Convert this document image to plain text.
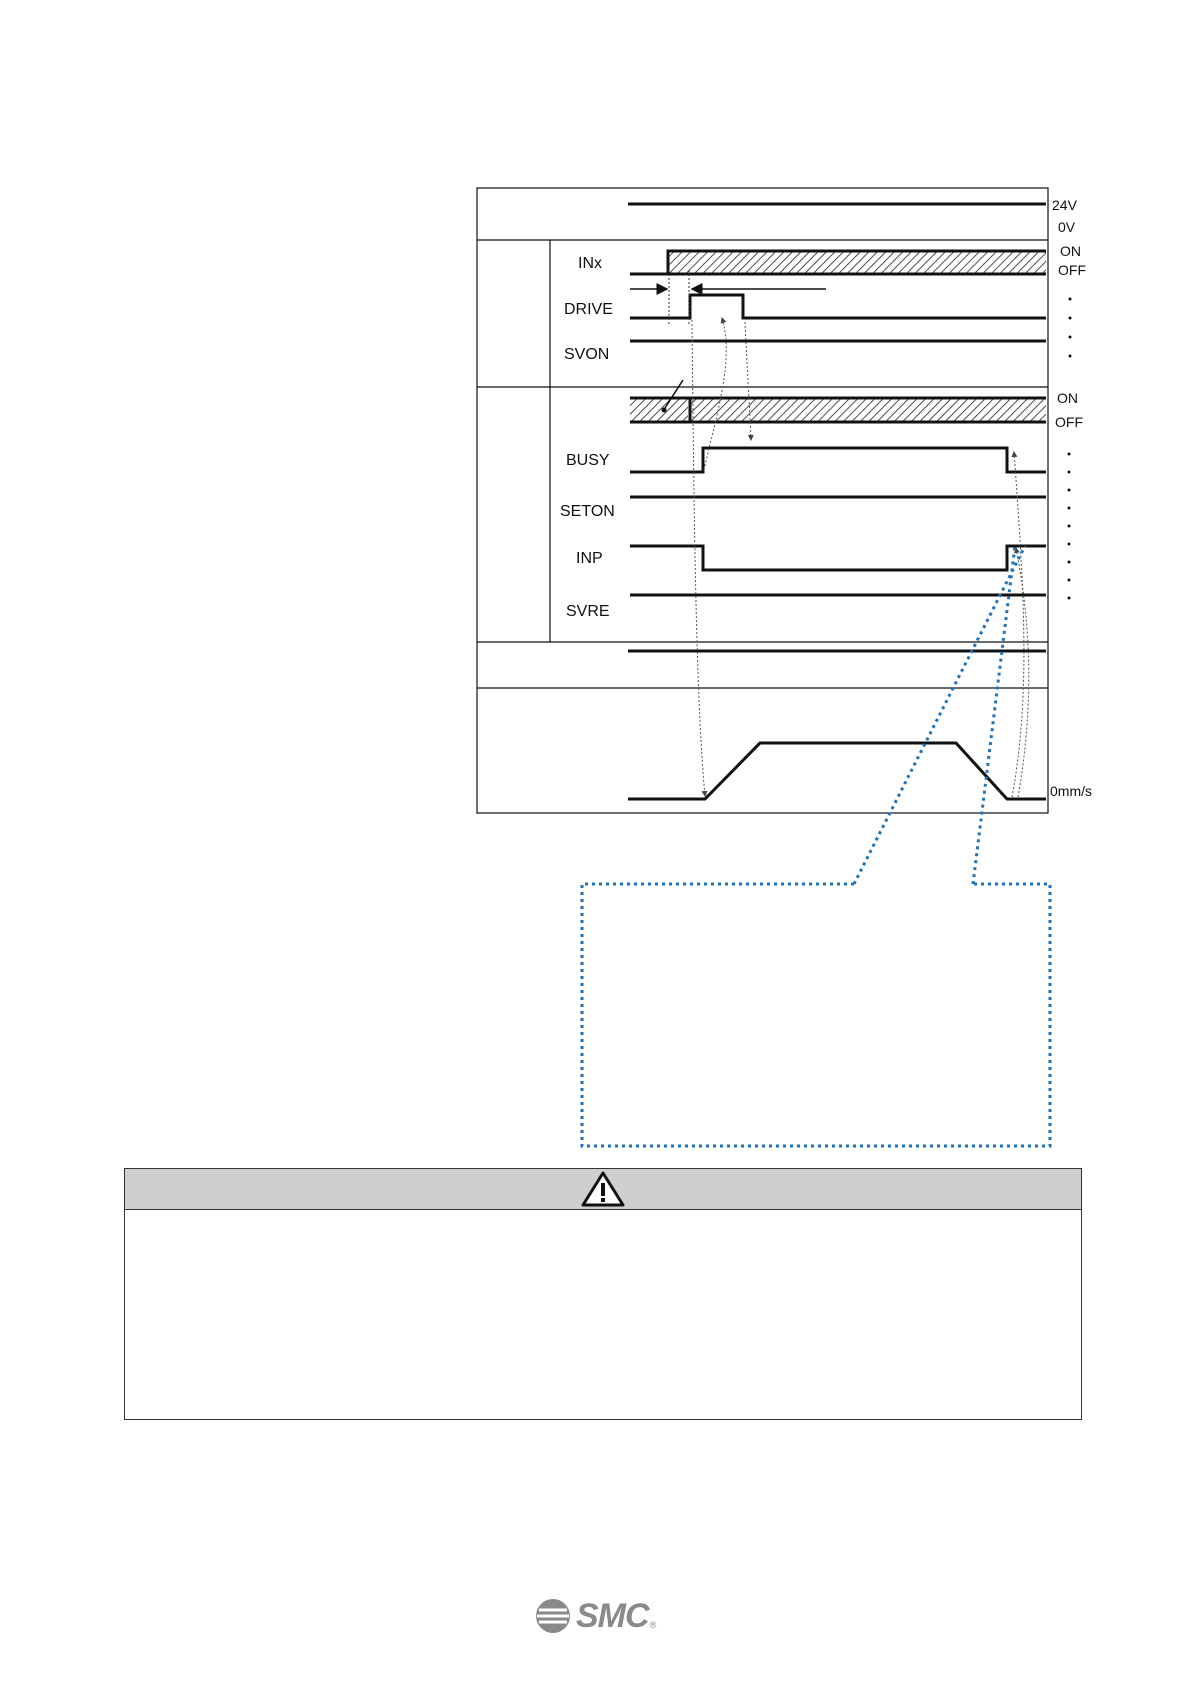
24V
0V
INx
ON
OFF
DRIVE
SVON
ON
OFF
BUSY
SETON
INP
SVRE
0mm/s
SMC ®
